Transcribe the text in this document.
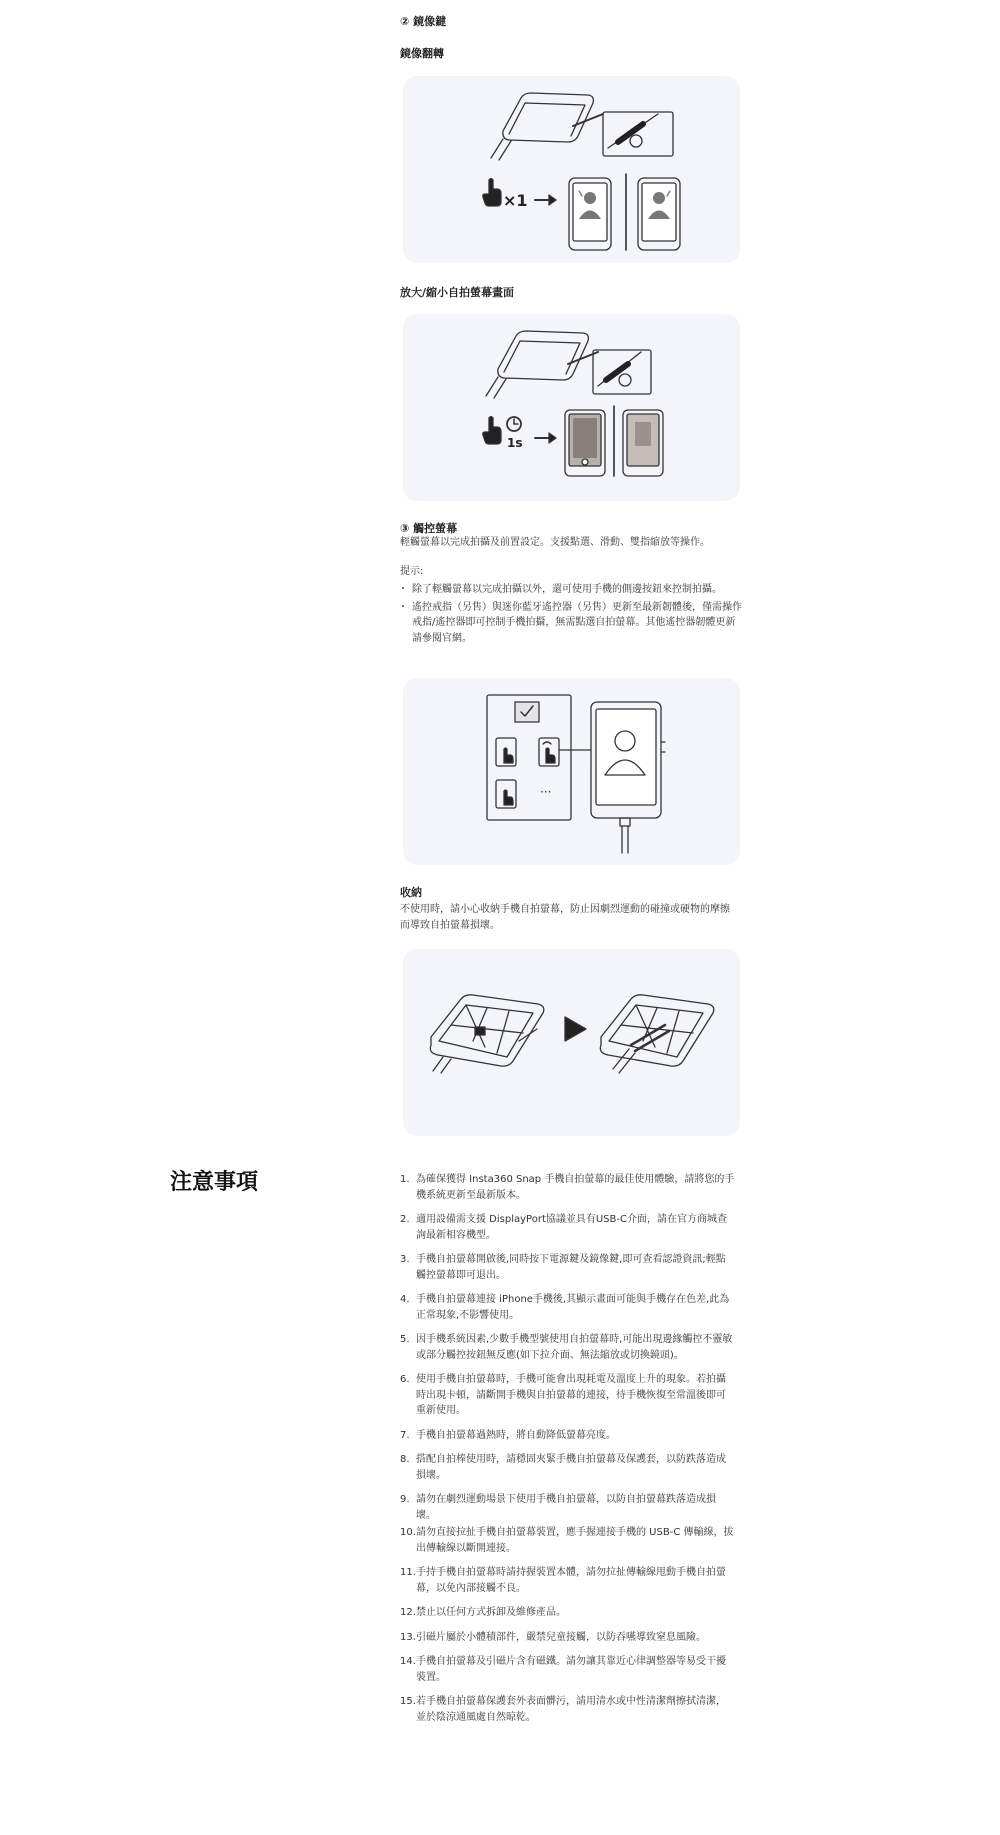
② 鏡像鍵
鏡像翻轉
×1
放大/縮小自拍螢幕畫面
1s
③ 觸控螢幕
輕觸螢幕以完成拍攝及前置設定。支援點選、滑動、雙指縮放等操作。
提示:
・ 除了輕觸螢幕以完成拍攝以外，還可使用手機的側邊按鈕來控制拍攝。
・ 遙控戒指（另售）與迷你藍牙遙控器（另售）更新至最新韌體後，僅需操作戒指/遙控器即可控制手機拍攝，無需點選自拍螢幕。其他遙控器韌體更新請參閱官網。
···
收納
不使用時，請小心收納手機自拍螢幕，防止因劇烈運動的碰撞或硬物的摩擦而導致自拍螢幕損壞。
注意事項	1. 為確保獲得 Insta360 Snap 手機自拍螢幕的最佳使用體驗，請將您的手機系統更新至最新版本。
2. 適用設備需支援 DisplayPort協議並具有USB-C介面，請在官方商城查詢最新相容機型。
3. 手機自拍螢幕開啟後,同時按下電源鍵及鏡像鍵,即可查看認證資訊;輕點觸控螢幕即可退出。
4. 手機自拍螢幕連接 iPhone手機後,其顯示畫面可能與手機存在色差,此為正常現象,不影響使用。
5. 因手機系統因素,少數手機型號使用自拍螢幕時,可能出現邊緣觸控不靈敏或部分觸控按鈕無反應(如下拉介面、無法縮放或切換鏡頭)。
6. 使用手機自拍螢幕時，手機可能會出現耗電及溫度上升的現象。若拍攝時出現卡頓，請斷開手機與自拍螢幕的連接，待手機恢復至常溫後即可重新使用。
7. 手機自拍螢幕過熱時，將自動降低螢幕亮度。
8. 搭配自拍棒使用時，請穩固夾緊手機自拍螢幕及保護套，以防跌落造成損壞。
9. 請勿在劇烈運動場景下使用手機自拍螢幕，以防自拍螢幕跌落造成損壞。
10. 請勿直接拉扯手機自拍螢幕裝置，應手握連接手機的 USB-C 傳輸線，拔出傳輸線以斷開連接。
11. 手持手機自拍螢幕時請持握裝置本體，請勿拉扯傳輸線甩動手機自拍螢幕，以免內部接觸不良。
12. 禁止以任何方式拆卸及維修產品。
13. 引磁片屬於小體積部件，嚴禁兒童接觸，以防吞嚥導致窒息風險。
14. 手機自拍螢幕及引磁片含有磁鐵。請勿讓其靠近心律調整器等易受干擾裝置。
15. 若手機自拍螢幕保護套外表面髒污，請用清水或中性清潔劑擦拭清潔，並於陰涼通風處自然晾乾。
